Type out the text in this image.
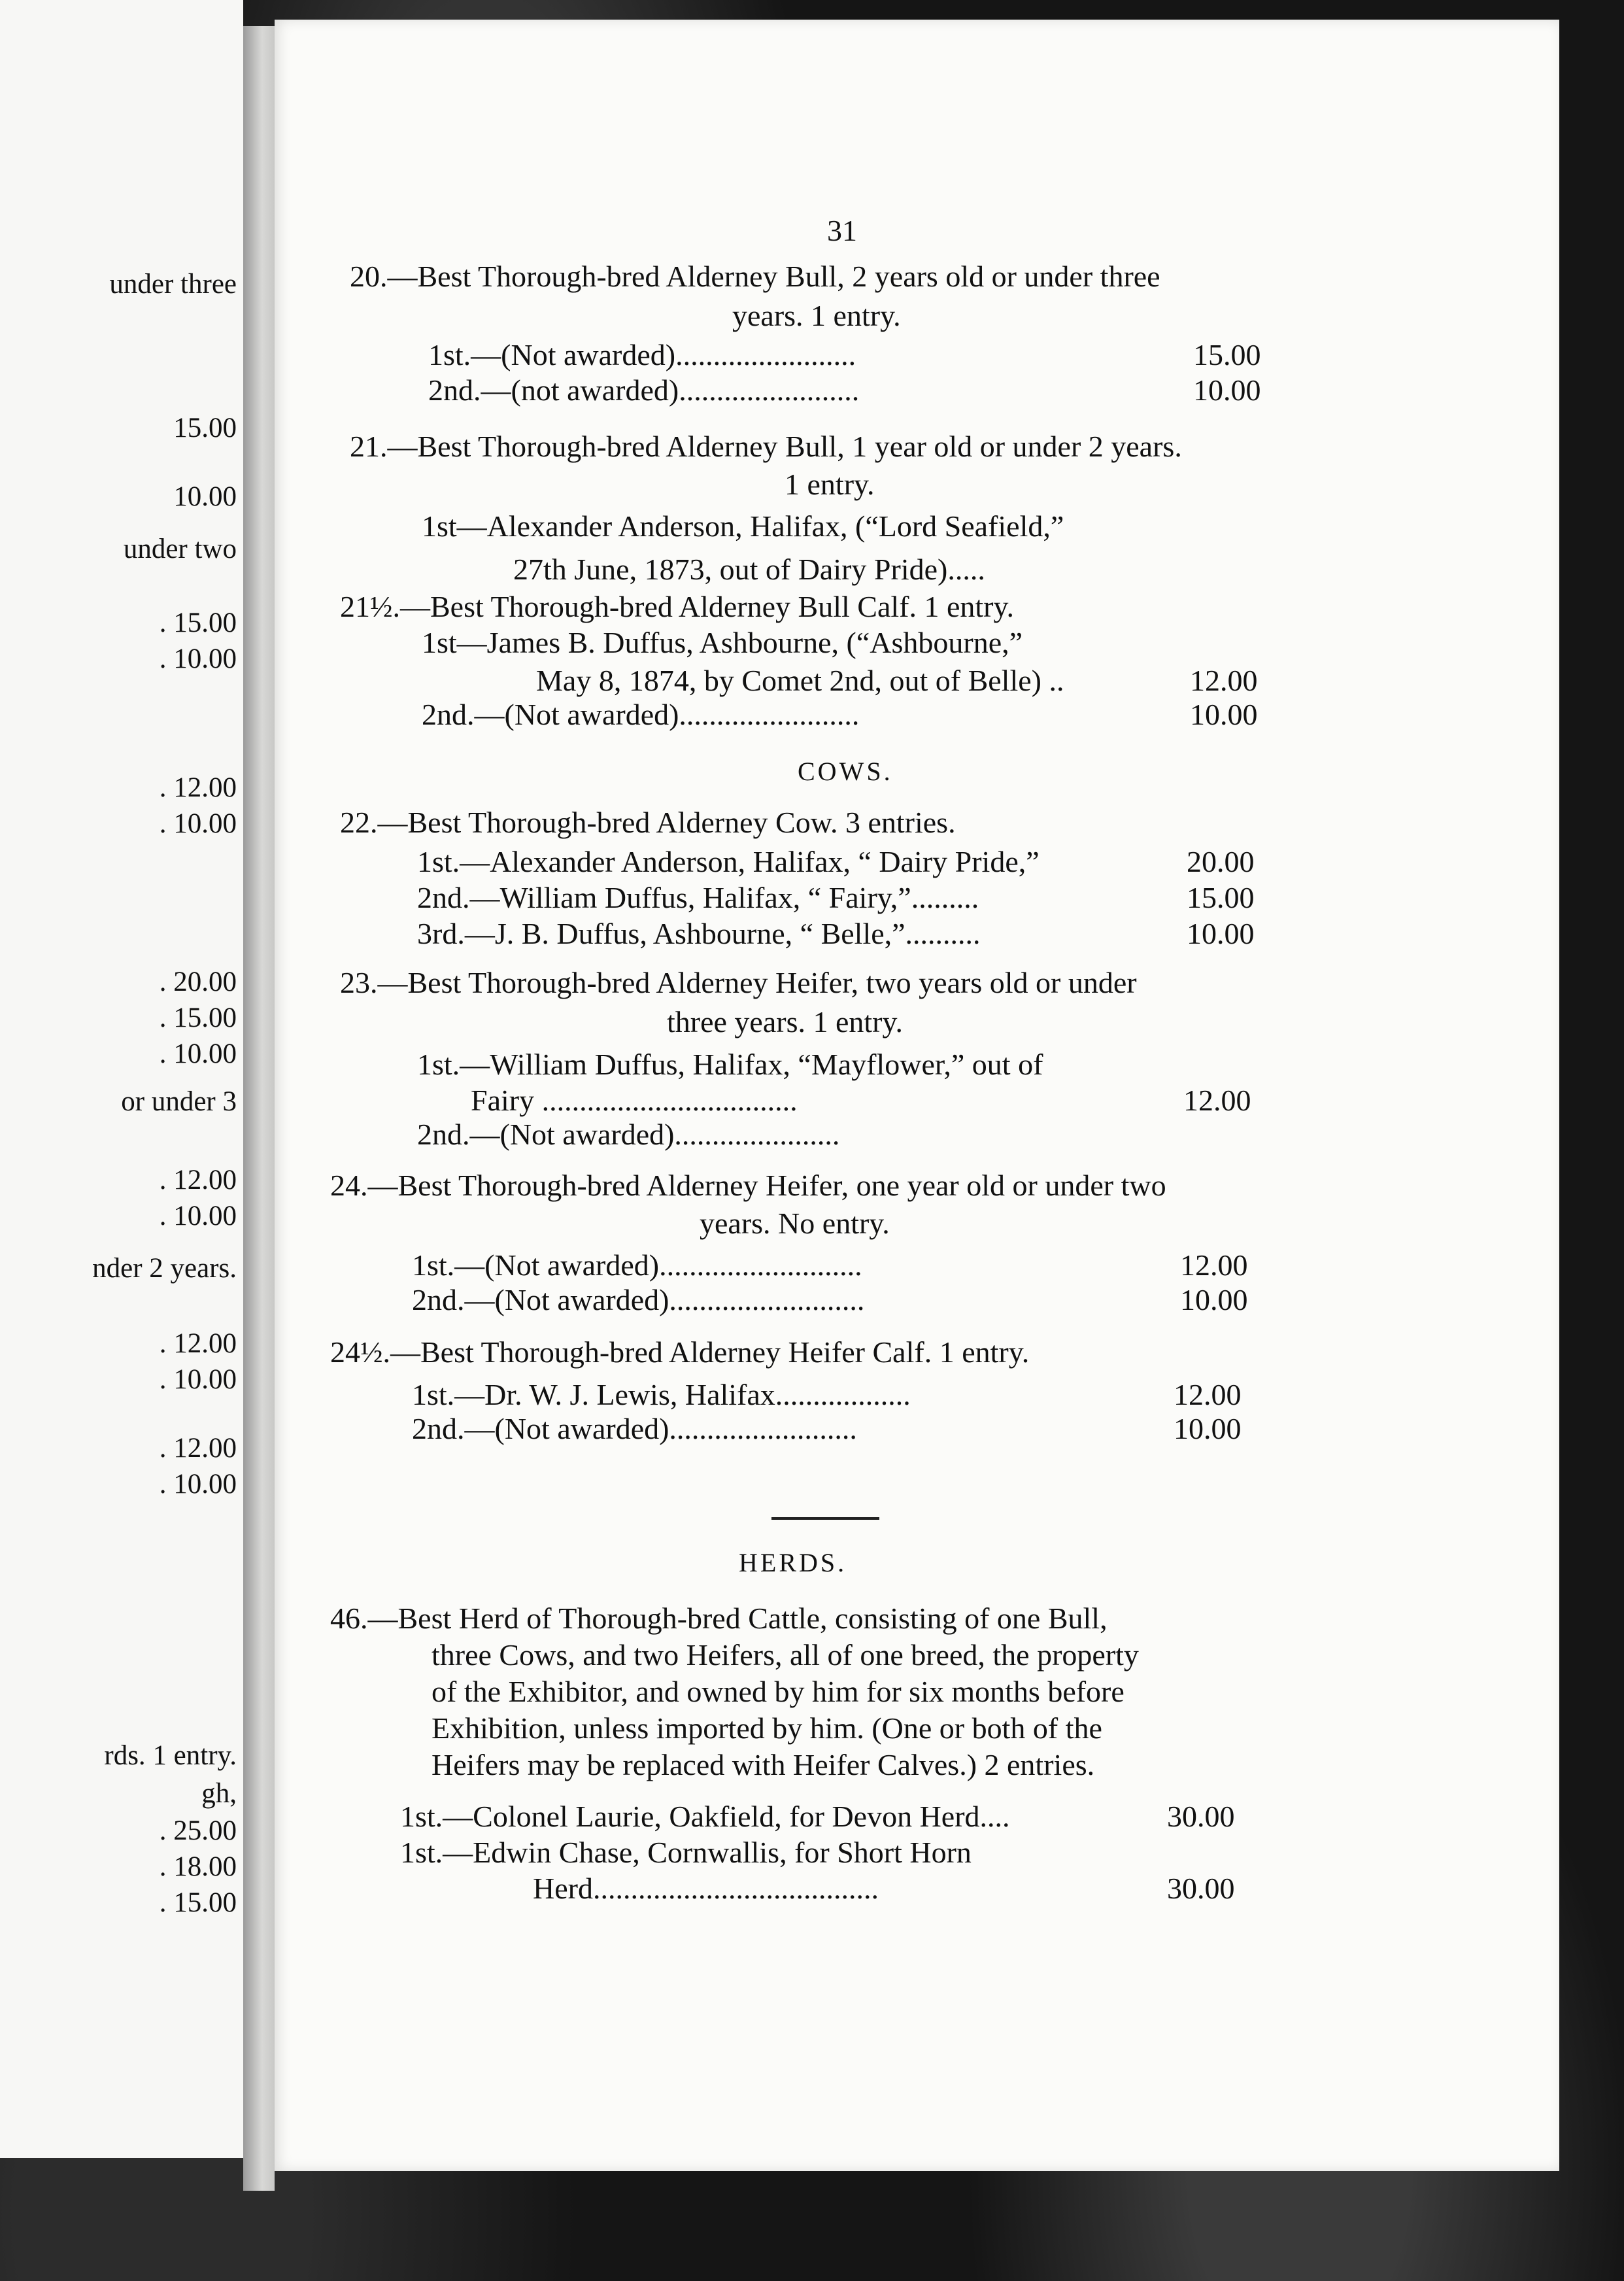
under three
15.00
10.00
under two
. 15.00
. 10.00
. 12.00
. 10.00
. 20.00
. 15.00
. 10.00
or under 3
. 12.00
. 10.00
nder 2 years.
. 12.00
. 10.00
. 12.00
. 10.00
rds. 1 entry.
gh,
. 25.00
. 18.00
. 15.00
31
20.—Best Thorough-bred Alderney Bull, 2 years old or under three
years. 1 entry.
1st.—(Not awarded)........................
2nd.—(not awarded)........................
21.—Best Thorough-bred Alderney Bull, 1 year old or under 2 years.
1 entry.
1st—Alexander Anderson, Halifax, (“Lord Seafield,”
27th June, 1873, out of Dairy Pride).....
21½.—Best Thorough-bred Alderney Bull Calf. 1 entry.
1st—James B. Duffus, Ashbourne, (“Ashbourne,”
May 8, 1874, by Comet 2nd, out of Belle) ..
2nd.—(Not awarded)........................
COWS.
22.—Best Thorough-bred Alderney Cow. 3 entries.
1st.—Alexander Anderson, Halifax, “ Dairy Pride,”
2nd.—William Duffus, Halifax, “ Fairy,”.........
3rd.—J. B. Duffus, Ashbourne, “ Belle,”..........
23.—Best Thorough-bred Alderney Heifer, two years old or under
three years. 1 entry.
1st.—William Duffus, Halifax, “Mayflower,” out of
Fairy ..................................
2nd.—(Not awarded)......................
24.—Best Thorough-bred Alderney Heifer, one year old or under two
years. No entry.
1st.—(Not awarded)...........................
2nd.—(Not awarded)..........................
24½.—Best Thorough-bred Alderney Heifer Calf. 1 entry.
1st.—Dr. W. J. Lewis, Halifax..................
2nd.—(Not awarded).........................
HERDS.
46.—Best Herd of Thorough-bred Cattle, consisting of one Bull,
three Cows, and two Heifers, all of one breed, the property
of the Exhibitor, and owned by him for six months before
Exhibition, unless imported by him. (One or both of the
Heifers may be replaced with Heifer Calves.) 2 entries.
1st.—Colonel Laurie, Oakfield, for Devon Herd....
1st.—Edwin Chase, Cornwallis, for Short Horn
Herd......................................
15.00
10.00
12.00
10.00
20.00
15.00
10.00
12.00
12.00
10.00
12.00
10.00
30.00
30.00
